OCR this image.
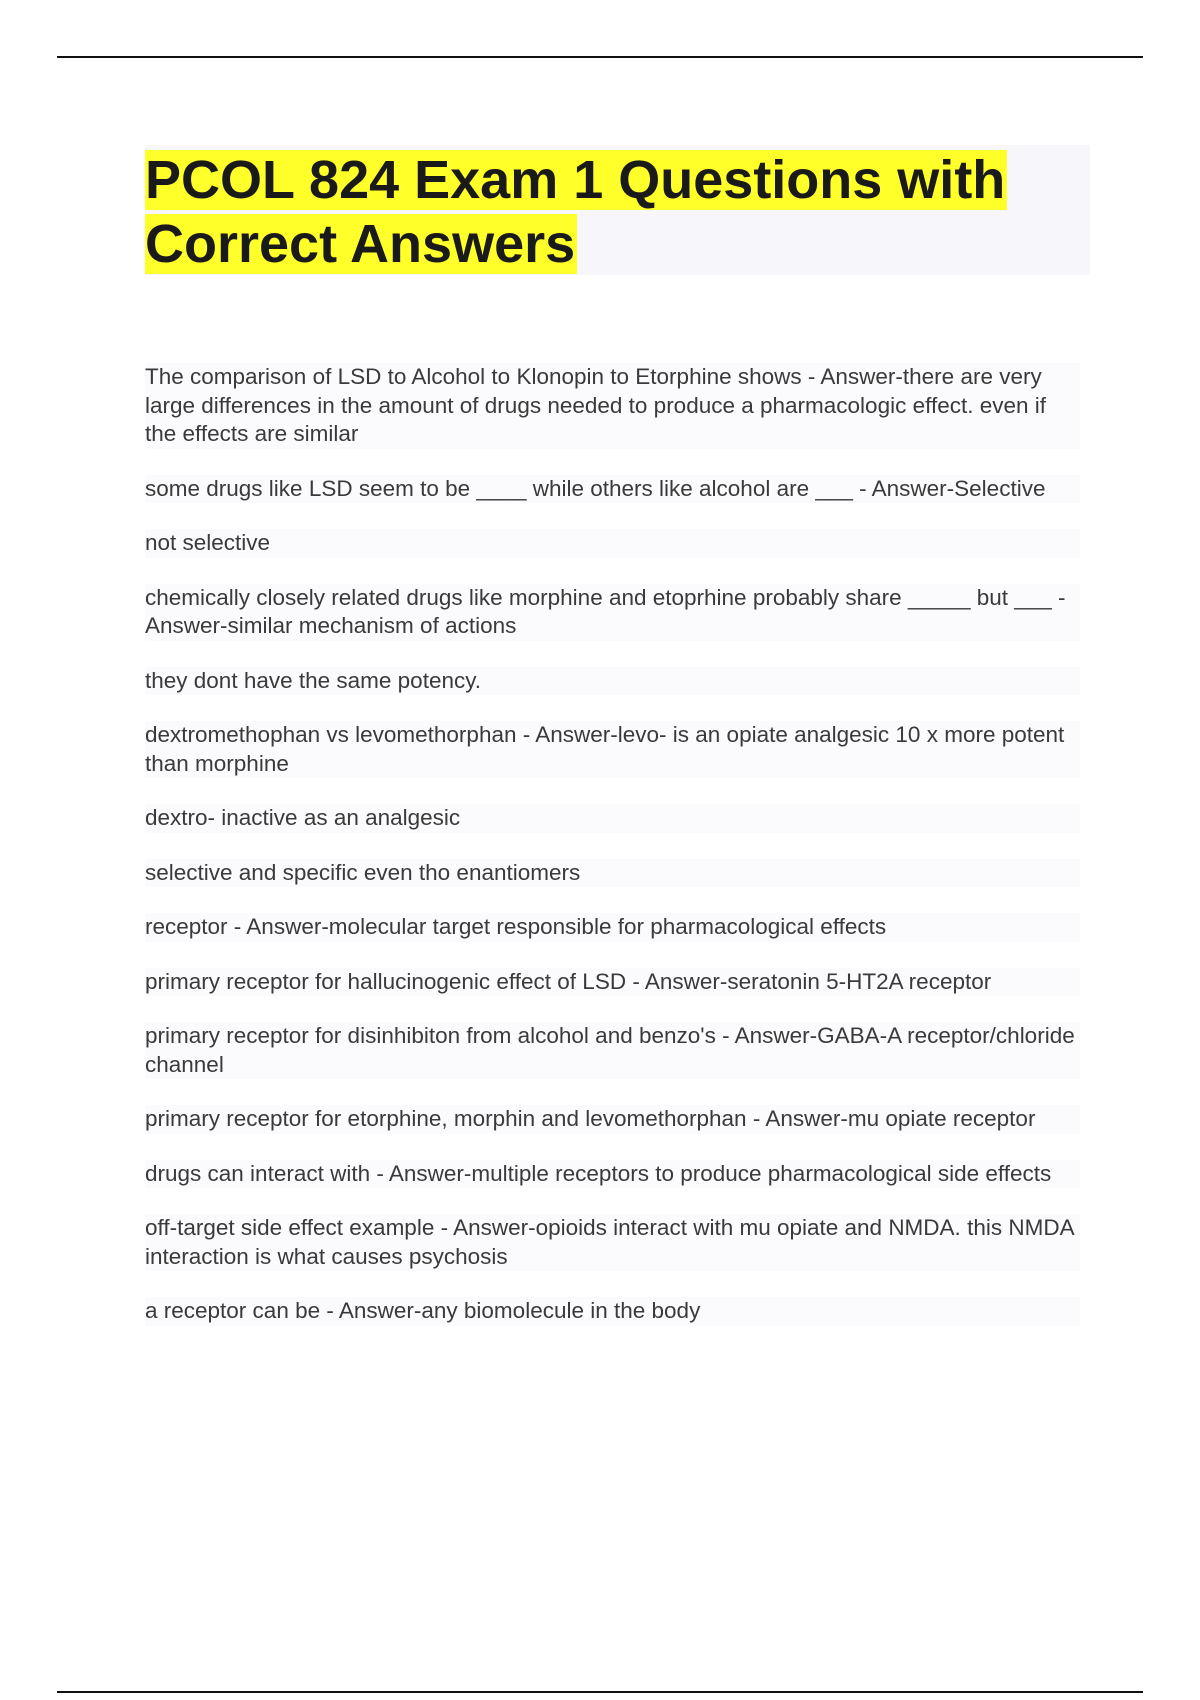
PCOL 824 Exam 1 Questions with Correct Answers

The comparison of LSD to Alcohol to Klonopin to Etorphine shows - Answer-there are very large differences in the amount of drugs needed to produce a pharmacologic effect. even if the effects are similar

some drugs like LSD seem to be ____ while others like alcohol are ___ - Answer-Selective

not selective

chemically closely related drugs like morphine and etoprhine probably share _____ but ___ - Answer-similar mechanism of actions

they dont have the same potency.

dextromethophan vs levomethorphan - Answer-levo- is an opiate analgesic 10 x more potent than morphine

dextro- inactive as an analgesic

selective and specific even tho enantiomers

receptor - Answer-molecular target responsible for pharmacological effects

primary receptor for hallucinogenic effect of LSD - Answer-seratonin 5-HT2A receptor

primary receptor for disinhibiton from alcohol and benzo's - Answer-GABA-A receptor/chloride channel

primary receptor for etorphine, morphin and levomethorphan - Answer-mu opiate receptor

drugs can interact with - Answer-multiple receptors to produce pharmacological side effects

off-target side effect example - Answer-opioids interact with mu opiate and NMDA. this NMDA interaction is what causes psychosis

a receptor can be - Answer-any biomolecule in the body
